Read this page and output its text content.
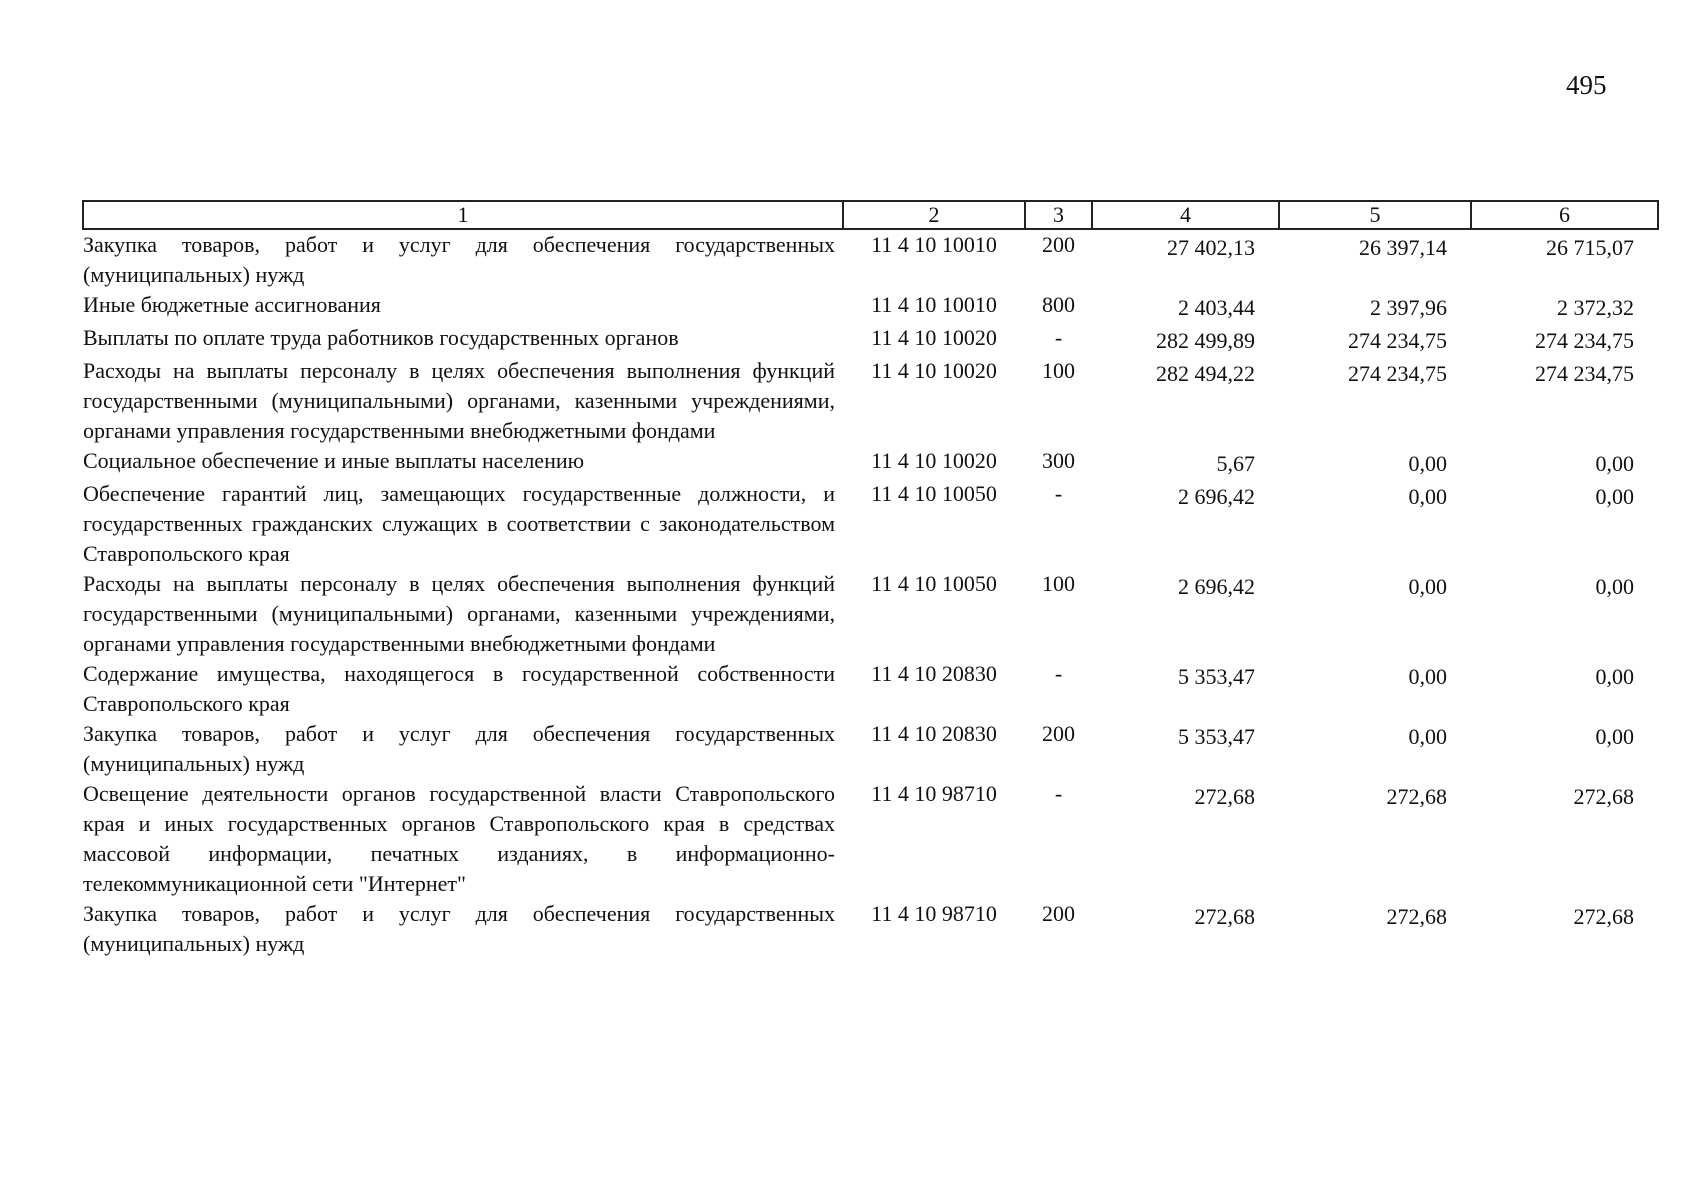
495
1	2	3	4	5	6
Закупка товаров, работ и услуг для обеспечения государственных (муниципальных) нужд	11 4 10 10010	200	27 402,13	26 397,14	26 715,07
Иные бюджетные ассигнования	11 4 10 10010	800	2 403,44	2 397,96	2 372,32
Выплаты по оплате труда работников государственных органов	11 4 10 10020	-	282 499,89	274 234,75	274 234,75
Расходы на выплаты персоналу в целях обеспечения выполнения функций государственными (муниципальными) органами, казенными учреждениями, органами управления государственными внебюджетными фондами	11 4 10 10020	100	282 494,22	274 234,75	274 234,75
Социальное обеспечение и иные выплаты населению	11 4 10 10020	300	5,67	0,00	0,00
Обеспечение гарантий лиц, замещающих государственные должности, и государственных гражданских служащих в соответствии с законодательством Ставропольского края	11 4 10 10050	-	2 696,42	0,00	0,00
Расходы на выплаты персоналу в целях обеспечения выполнения функций государственными (муниципальными) органами, казенными учреждениями, органами управления государственными внебюджетными фондами	11 4 10 10050	100	2 696,42	0,00	0,00
Содержание имущества, находящегося в государственной собственности Ставропольского края	11 4 10 20830	-	5 353,47	0,00	0,00
Закупка товаров, работ и услуг для обеспечения государственных (муниципальных) нужд	11 4 10 20830	200	5 353,47	0,00	0,00
Освещение деятельности органов государственной власти Ставропольского края и иных государственных органов Ставропольского края в средствах массовой информации, печатных изданиях, в информационно-телекоммуникационной сети "Интернет"	11 4 10 98710	-	272,68	272,68	272,68
Закупка товаров, работ и услуг для обеспечения государственных (муниципальных) нужд	11 4 10 98710	200	272,68	272,68	272,68
